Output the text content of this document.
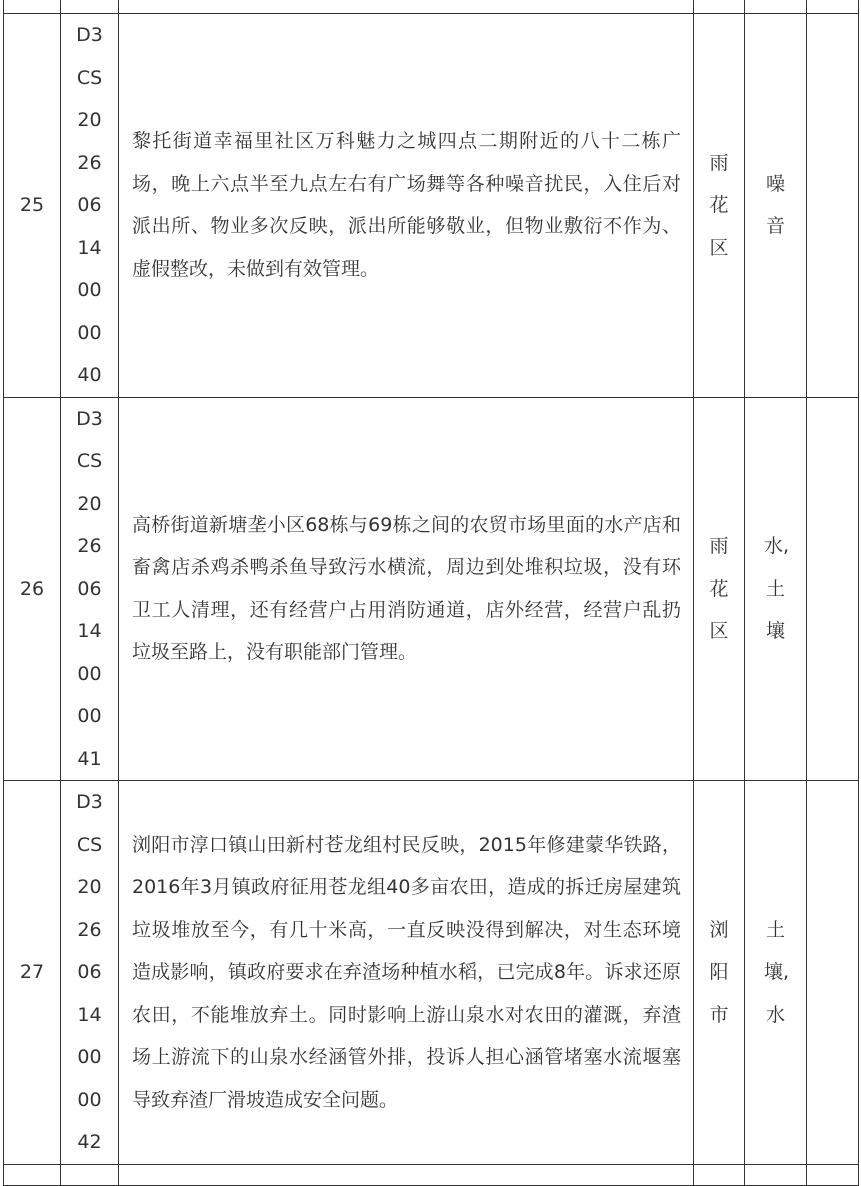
25	D3CS20260614000040	黎托街道幸福里社区万科魅力之城四点二期附近的八十二栋广场，晚上六点半至九点左右有广场舞等各种噪音扰民，入住后对派出所、物业多次反映，派出所能够敬业，但物业敷衍不作为、虚假整改，未做到有效管理。	雨花区	噪音	
26	D3CS20260614000041	高桥街道新塘垄小区68栋与69栋之间的农贸市场里面的水产店和畜禽店杀鸡杀鸭杀鱼导致污水横流，周边到处堆积垃圾，没有环卫工人清理，还有经营户占用消防通道，店外经营，经营户乱扔垃圾至路上，没有职能部门管理。	雨花区	水,土壤	
27	D3CS20260614000042	浏阳市淳口镇山田新村苍龙组村民反映，2015年修建蒙华铁路，2016年3月镇政府征用苍龙组40多亩农田，造成的拆迁房屋建筑垃圾堆放至今，有几十米高，一直反映没得到解决，对生态环境造成影响，镇政府要求在弃渣场种植水稻，已完成8年。诉求还原农田，不能堆放弃土。同时影响上游山泉水对农田的灌溉，弃渣场上游流下的山泉水经涵管外排，投诉人担心涵管堵塞水流堰塞导致弃渣厂滑坡造成安全问题。	浏阳市	土壤,水	
